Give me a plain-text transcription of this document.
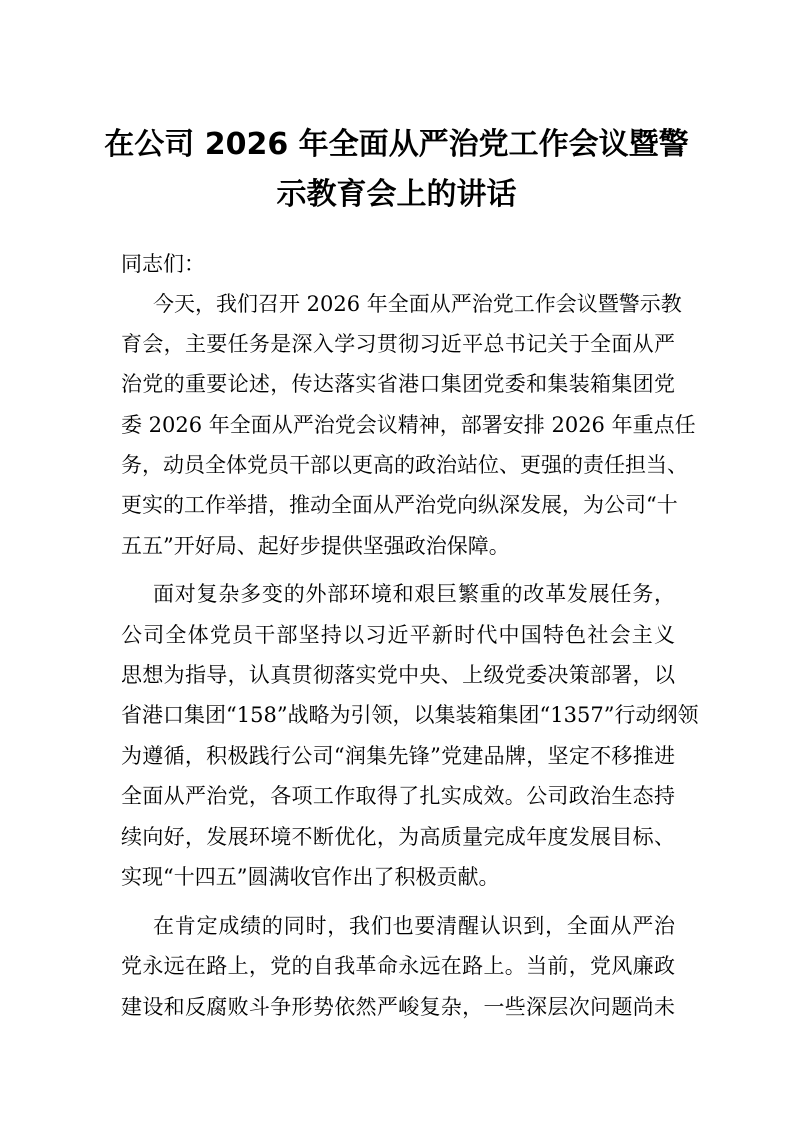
在公司 2026 年全面从严治党工作会议暨警
示教育会上的讲话

同志们：

今天，我们召开 2026 年全面从严治党工作会议暨警示教

育会，主要任务是深入学习贯彻习近平总书记关于全面从严

治党的重要论述，传达落实省港口集团党委和集装箱集团党

委 2026 年全面从严治党会议精神，部署安排 2026 年重点任

务，动员全体党员干部以更高的政治站位、更强的责任担当、

更实的工作举措，推动全面从严治党向纵深发展，为公司“十

五五”开好局、起好步提供坚强政治保障。

面对复杂多变的外部环境和艰巨繁重的改革发展任务，

公司全体党员干部坚持以习近平新时代中国特色社会主义

思想为指导，认真贯彻落实党中央、上级党委决策部署，以

省港口集团“158”战略为引领，以集装箱集团“1357”行动纲领

为遵循，积极践行公司“润集先锋”党建品牌，坚定不移推进

全面从严治党，各项工作取得了扎实成效。公司政治生态持

续向好，发展环境不断优化，为高质量完成年度发展目标、

实现“十四五”圆满收官作出了积极贡献。

在肯定成绩的同时，我们也要清醒认识到，全面从严治

党永远在路上，党的自我革命永远在路上。当前，党风廉政

建设和反腐败斗争形势依然严峻复杂，一些深层次问题尚未
